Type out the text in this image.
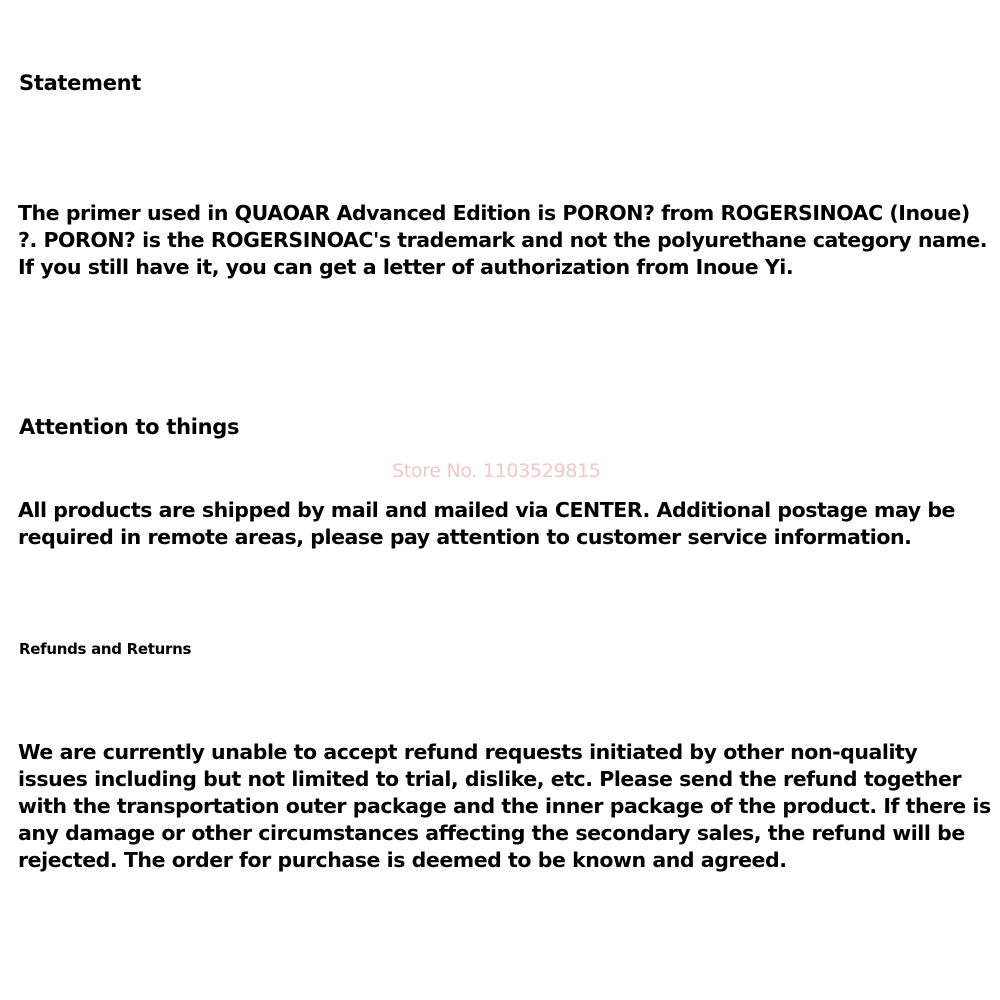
Store No. 1103529815
Statement
The primer used in QUAOAR Advanced Edition is PORON? from ROGERSINOAC (Inoue) ?. PORON? is the ROGERSINOAC's trademark and not the polyurethane category name. If you still have it, you can get a letter of authorization from Inoue Yi.
Attention to things
All products are shipped by mail and mailed via CENTER. Additional postage may be required in remote areas, please pay attention to customer service information.
Refunds and Returns
We are currently unable to accept refund requests initiated by other non-quality issues including but not limited to trial, dislike, etc. Please send the refund together with the transportation outer package and the inner package of the product. If there is any damage or other circumstances affecting the secondary sales, the refund will be rejected. The order for purchase is deemed to be known and agreed.
